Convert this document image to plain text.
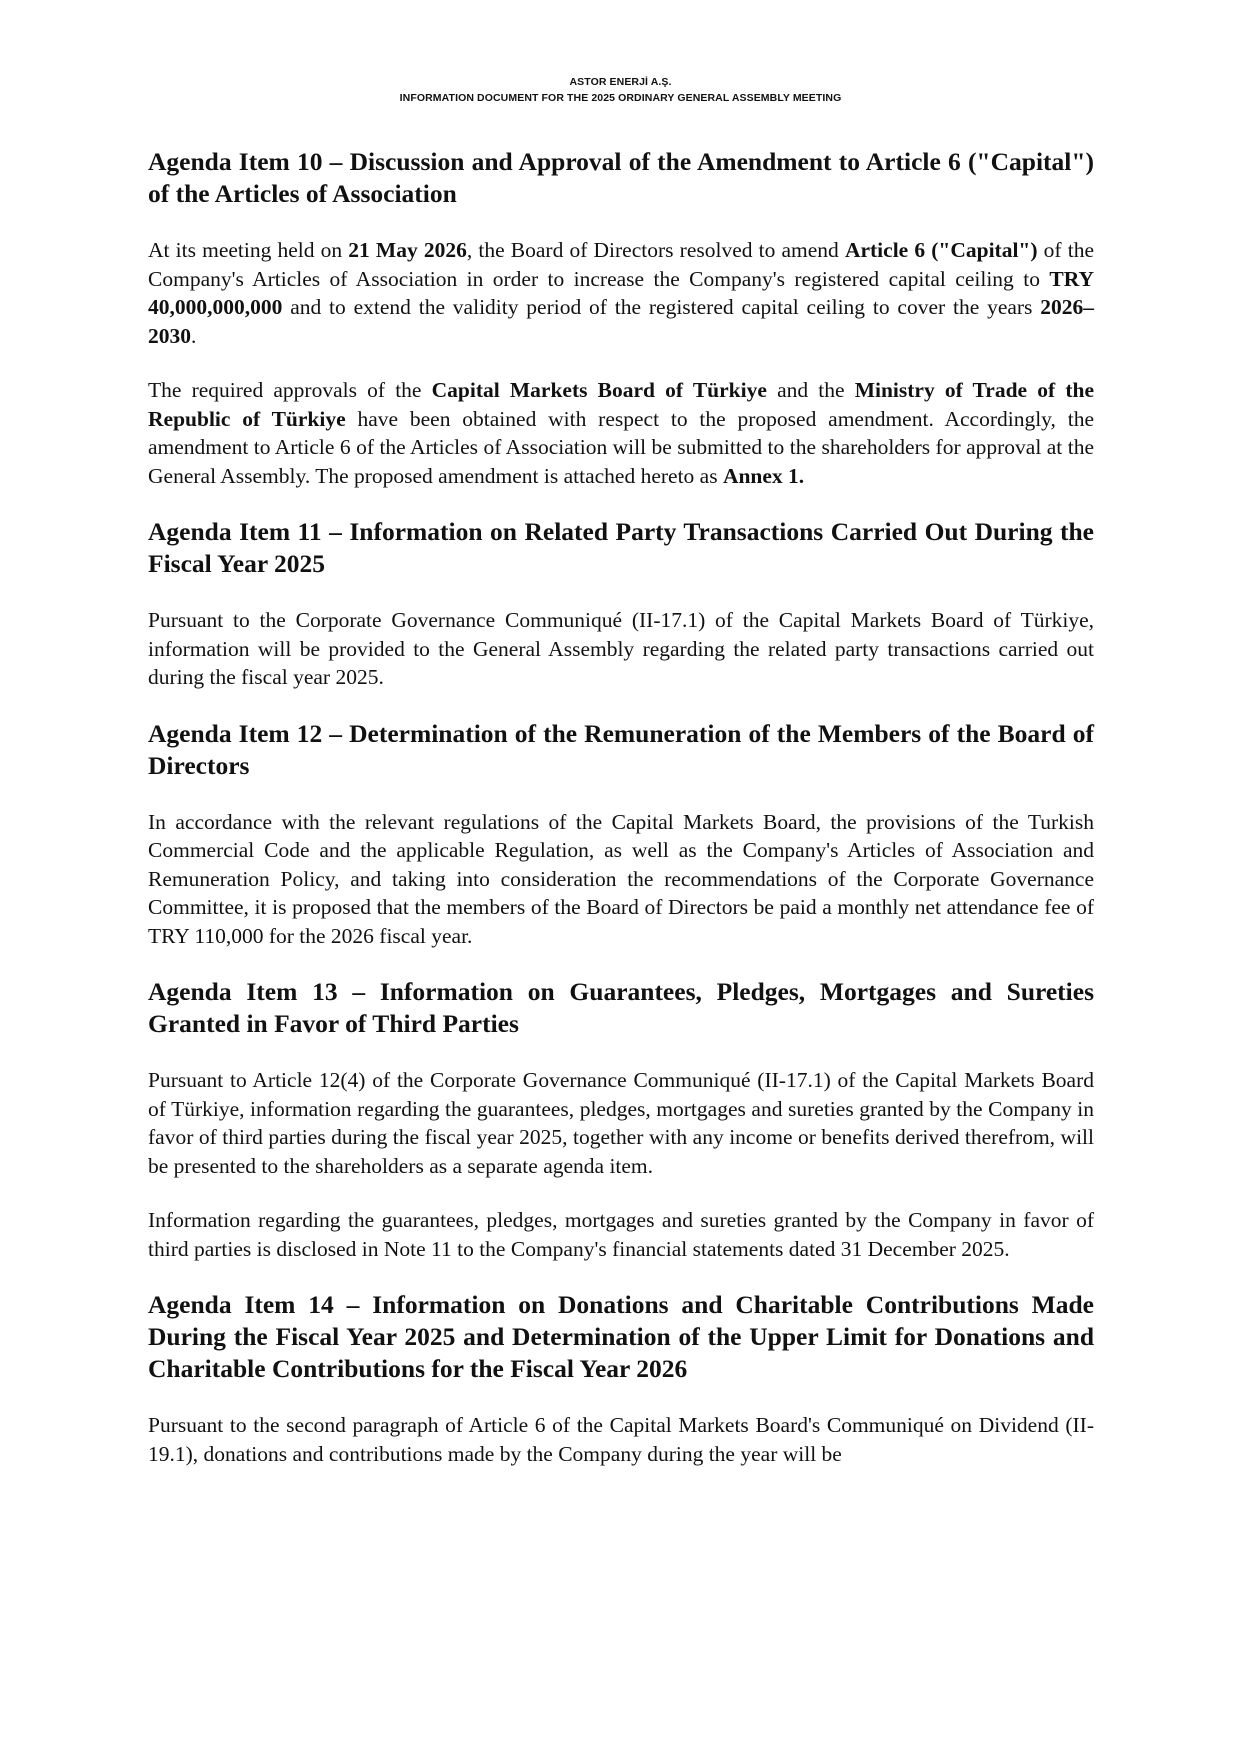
ASTOR ENERJİ A.Ş.
INFORMATION DOCUMENT FOR THE 2025 ORDINARY GENERAL ASSEMBLY MEETING
Agenda Item 10 – Discussion and Approval of the Amendment to Article 6 ("Capital") of the Articles of Association
At its meeting held on 21 May 2026, the Board of Directors resolved to amend Article 6 ("Capital") of the Company's Articles of Association in order to increase the Company's registered capital ceiling to TRY 40,000,000,000 and to extend the validity period of the registered capital ceiling to cover the years 2026–2030.
The required approvals of the Capital Markets Board of Türkiye and the Ministry of Trade of the Republic of Türkiye have been obtained with respect to the proposed amendment. Accordingly, the amendment to Article 6 of the Articles of Association will be submitted to the shareholders for approval at the General Assembly. The proposed amendment is attached hereto as Annex 1.
Agenda Item 11 – Information on Related Party Transactions Carried Out During the Fiscal Year 2025
Pursuant to the Corporate Governance Communiqué (II-17.1) of the Capital Markets Board of Türkiye, information will be provided to the General Assembly regarding the related party transactions carried out during the fiscal year 2025.
Agenda Item 12 – Determination of the Remuneration of the Members of the Board of Directors
In accordance with the relevant regulations of the Capital Markets Board, the provisions of the Turkish Commercial Code and the applicable Regulation, as well as the Company's Articles of Association and Remuneration Policy, and taking into consideration the recommendations of the Corporate Governance Committee, it is proposed that the members of the Board of Directors be paid a monthly net attendance fee of TRY 110,000 for the 2026 fiscal year.
Agenda Item 13 – Information on Guarantees, Pledges, Mortgages and Sureties Granted in Favor of Third Parties
Pursuant to Article 12(4) of the Corporate Governance Communiqué (II-17.1) of the Capital Markets Board of Türkiye, information regarding the guarantees, pledges, mortgages and sureties granted by the Company in favor of third parties during the fiscal year 2025, together with any income or benefits derived therefrom, will be presented to the shareholders as a separate agenda item.
Information regarding the guarantees, pledges, mortgages and sureties granted by the Company in favor of third parties is disclosed in Note 11 to the Company's financial statements dated 31 December 2025.
Agenda Item 14 – Information on Donations and Charitable Contributions Made During the Fiscal Year 2025 and Determination of the Upper Limit for Donations and Charitable Contributions for the Fiscal Year 2026
Pursuant to the second paragraph of Article 6 of the Capital Markets Board's Communiqué on Dividend (II-19.1), donations and contributions made by the Company during the year will be
